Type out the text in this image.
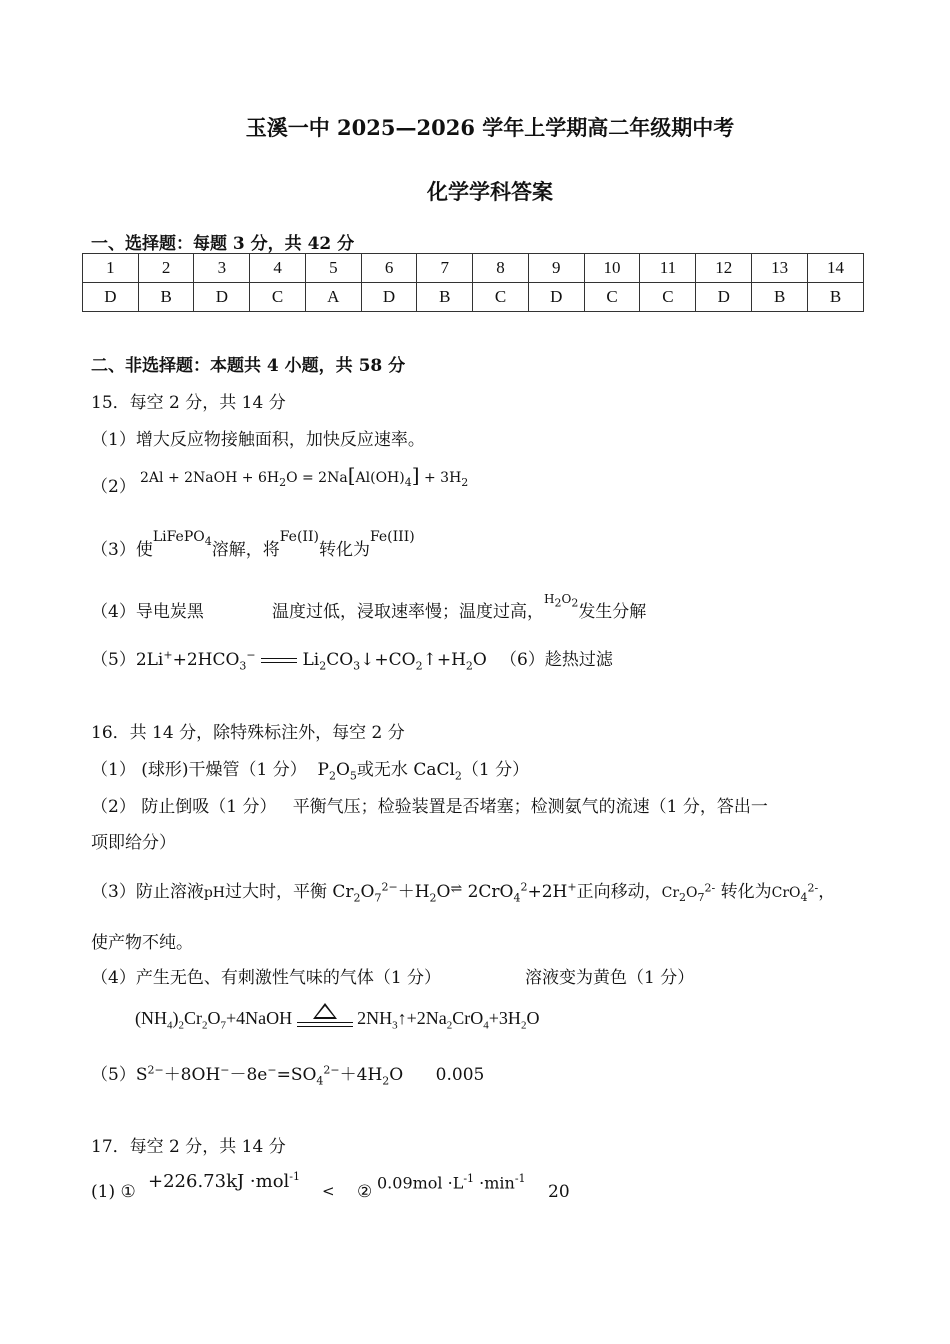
玉溪一中 2025—2026 学年上学期高二年级期中考
化学学科答案
一、选择题：每题 3 分，共 42 分
1	2	3	4	5	6	7	8	9	10	11	12	13	14
D	B	D	C	A	D	B	C	D	C	C	D	B	B
二、非选择题：本题共 4 小题，共 58 分
15．每空 2 分，共 14 分
（1）增大反应物接触面积，加快反应速率。
（2） 2Al + 2NaOH + $6H_2O = 2Na[Al(OH)_4] + 3H_2$
（3）使$^{LiFePO_4}$溶解，将$^{Fe(II)}$转化为$^{Fe(III)}$
（4）导电炭黑	温度过低，浸取速率慢；温度过高，$^{H_2O_2}$发生分解
$(5)2Li^++2HCO_3^-$	$Li_2CO_3↓+CO_2↑+H_2O$ （6）趁热过滤
16．共 14 分，除特殊标注外，每空 2 分
（1） (球形)干燥管（1 分） $P_2O_5$或无水 CaCl$_2$（1 分）
（2） 防止倒吸（1 分） 平衡气压；检验装置是否堵塞；检测氨气的流速（1 分，答出一
项即给分）
（3）防止溶液pH过大时，平衡 $Cr_2O_7^{2-}+H_2O^\rightleftharpoons$ 2CrO$_4^2$+2H+正向移动，$Cr_2O_7^{2-}$ 转化为CrO$_4^{2-}$，
使产物不纯。
（4）产生无色、有刺激性气味的气体（1 分）	溶液变为黄色（1 分）
$(NH_4)_2Cr_2O_7+4NaOH$	$2NH_3↑+2Na_2CrO_4+3H_2O$
$(5)S^{2-}+8OH^--8e^-=SO_4^{2-}+4H_2O$ 0.005
17．每空 2 分，共 14 分
(1) ① +226.73kJ ·mol$^{-1}$
< ② $0.09mol \cdot L^{-1} \cdot\min^{-1}$
20
